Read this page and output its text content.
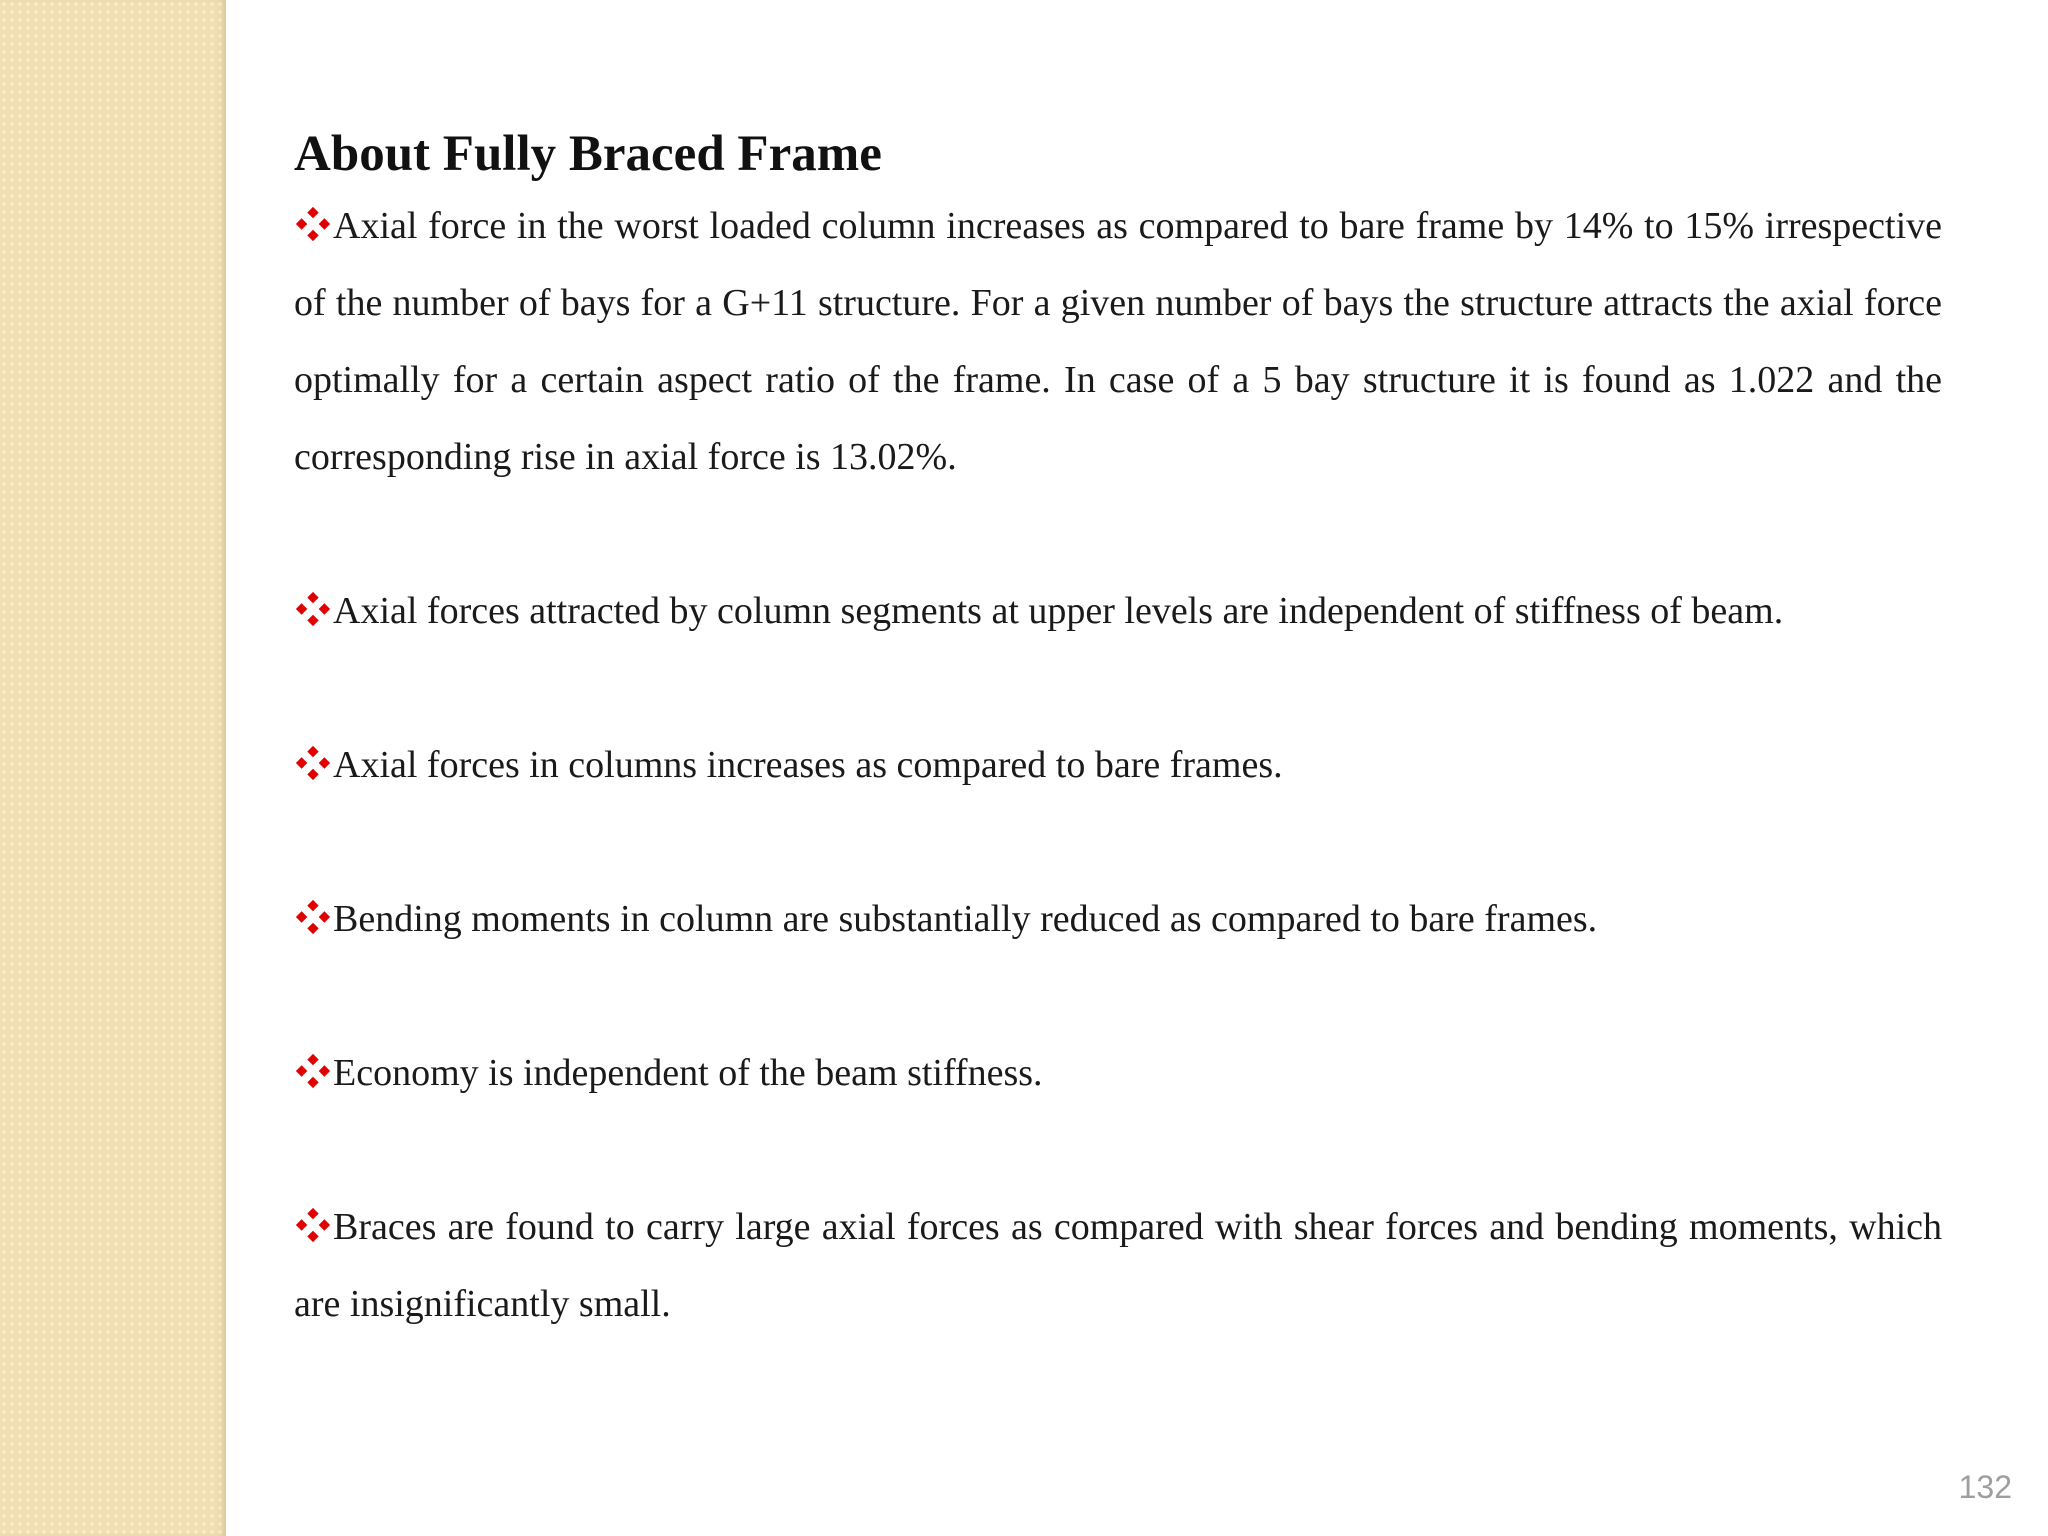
About Fully Braced Frame
Axial force in the worst loaded column increases as compared to bare frame by 14% to 15% irrespective of the number of bays for a G+11 structure. For a given number of bays the structure attracts the axial force optimally for a certain aspect ratio of the frame. In case of a 5 bay structure it is found as 1.022 and the corresponding rise in axial force is 13.02%.
Axial forces attracted by column segments at upper levels are independent of stiffness of beam.
Axial forces in columns increases as compared to bare frames.
Bending moments in column are substantially reduced as compared to bare frames.
Economy is independent of the beam stiffness.
Braces are found to carry large axial forces as compared with shear forces and bending moments, which are insignificantly small.
132
